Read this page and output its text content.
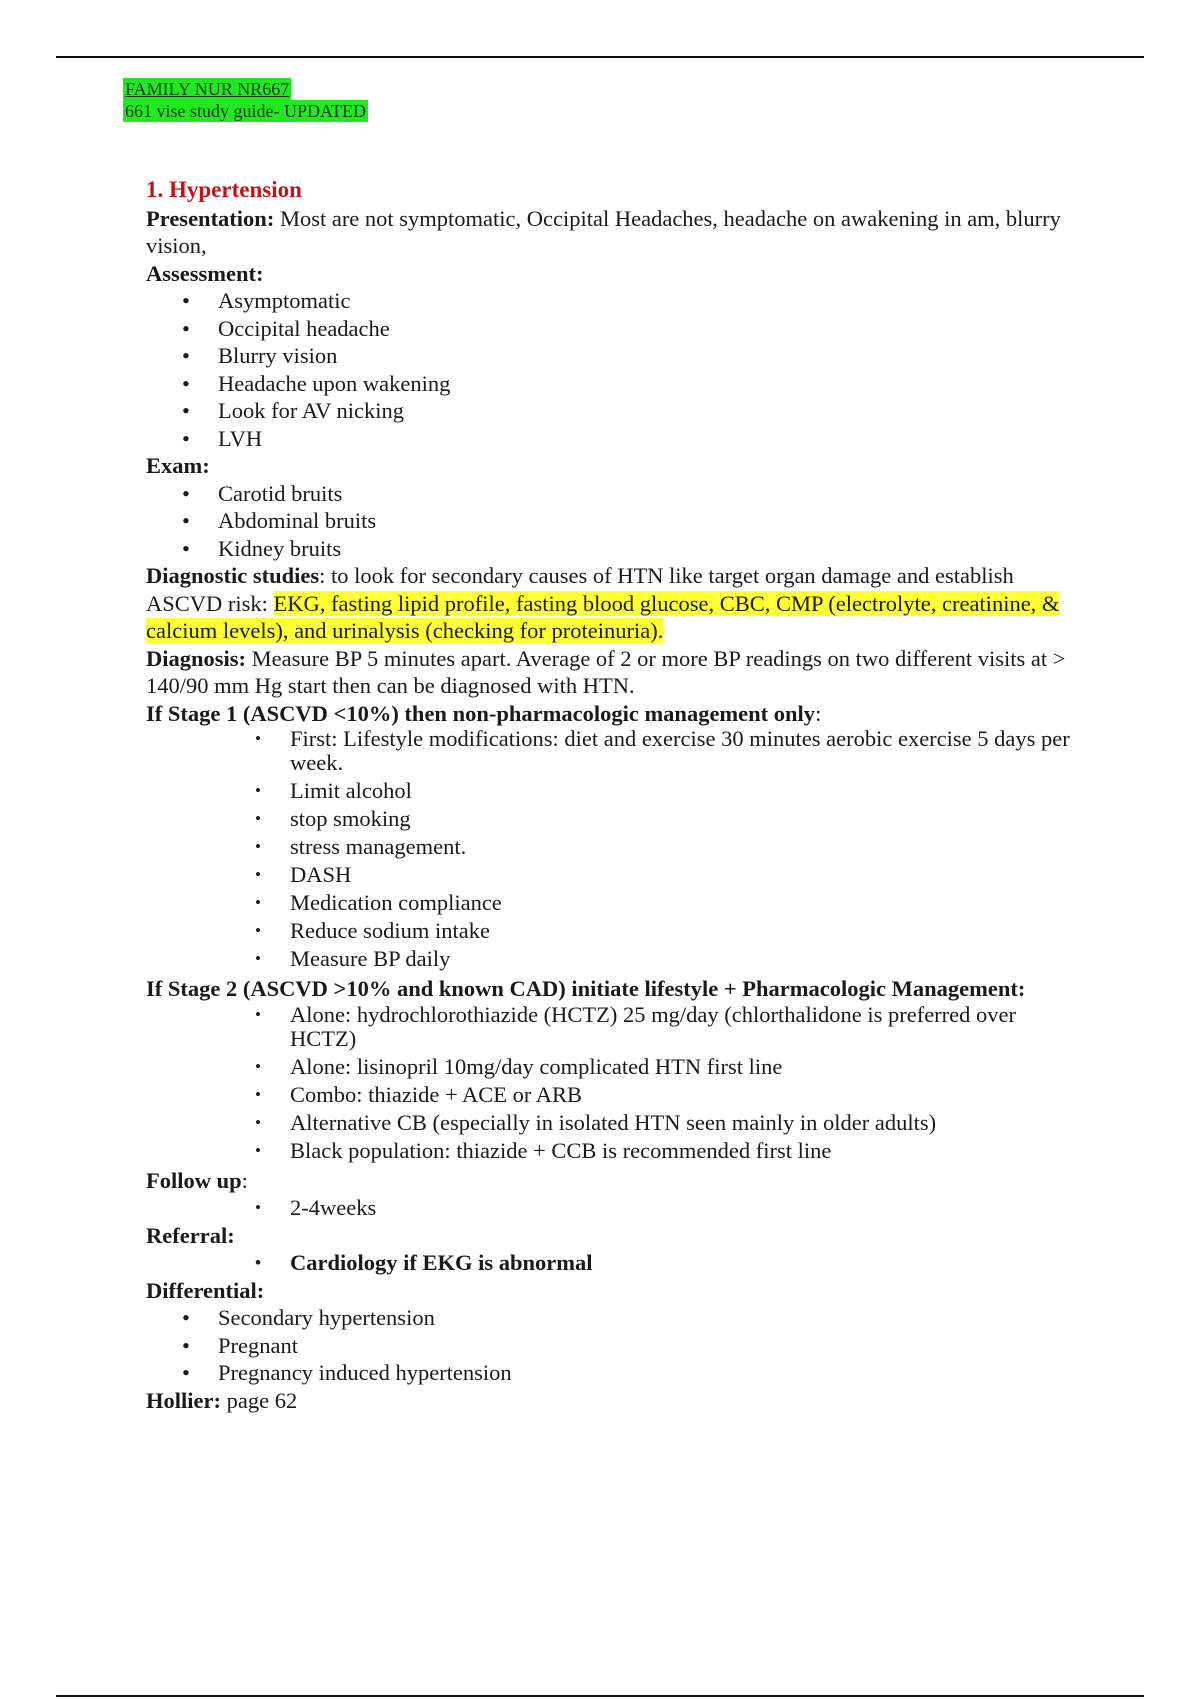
FAMILY NUR NR667
661 vise study guide- UPDATED

1. Hypertension

Presentation: Most are not symptomatic, Occipital Headaches, headache on awakening in am, blurry vision,

Assessment:

• Asymptomatic
• Occipital headache
• Blurry vision
• Headache upon wakening
• Look for AV nicking
• LVH

Exam:

• Carotid bruits
• Abdominal bruits
• Kidney bruits

Diagnostic studies: to look for secondary causes of HTN like target organ damage and establish ASCVD risk: EKG, fasting lipid profile, fasting blood glucose, CBC, CMP (electrolyte, creatinine, & calcium levels), and urinalysis (checking for proteinuria).

Diagnosis: Measure BP 5 minutes apart. Average of 2 or more BP readings on two different visits at > 140/90 mm Hg start then can be diagnosed with HTN.

If Stage 1 (ASCVD <10%) then non-pharmacologic management only:

• First: Lifestyle modifications: diet and exercise 30 minutes aerobic exercise 5 days per week.
• Limit alcohol
• stop smoking
• stress management.
• DASH
• Medication compliance
• Reduce sodium intake
• Measure BP daily

If Stage 2 (ASCVD >10% and known CAD) initiate lifestyle + Pharmacologic Management:

• Alone: hydrochlorothiazide (HCTZ) 25 mg/day (chlorthalidone is preferred over HCTZ)
• Alone: lisinopril 10mg/day complicated HTN first line
• Combo: thiazide + ACE or ARB
• Alternative CB (especially in isolated HTN seen mainly in older adults)
• Black population: thiazide + CCB is recommended first line

Follow up:

• 2-4weeks

Referral:

• Cardiology if EKG is abnormal

Differential:

• Secondary hypertension
• Pregnant
• Pregnancy induced hypertension

Hollier: page 62
